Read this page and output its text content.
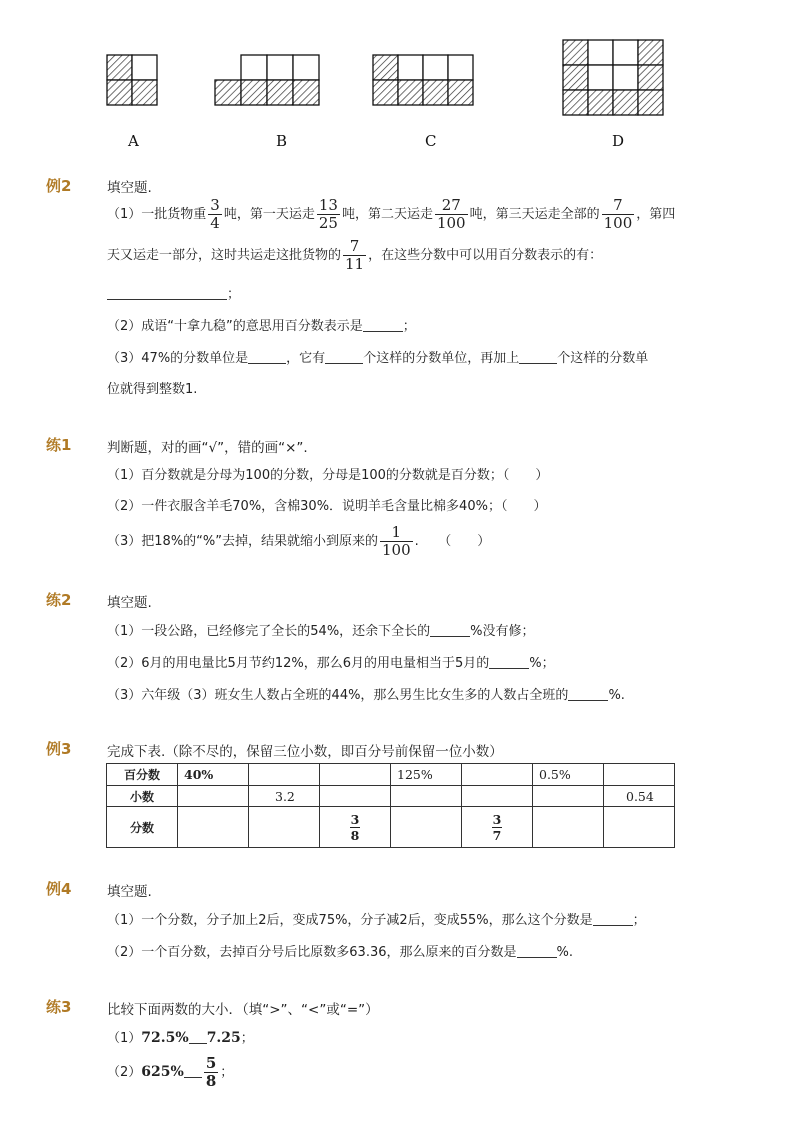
A	B	C	D
例2	填空题.
（1）一批货物重 $\frac{3}{4}$ 吨，第一天运走 $\frac{13}{25}$ 吨，第二天运走 $\frac{27}{100}$ 吨，第三天运走全部的 $\frac{7}{100}$ ，第四
天又运走一部分，这时共运走这批货物的 $\frac{7}{11}$ ，在这些分数中可以用百分数表示的有：
；
（2）成语“十拿九稳”的意思用百分数表示是	；
（3）47%的分数单位是	，它有	个这样的分数单位，再加上	个这样的分数单
位就得到整数1.
练1	判断题，对的画“√”，错的画“×”.
（1）百分数就是分母为100的分数，分母是100的分数就是百分数；（　　）
（2）一件衣服含羊毛70%，含棉30%．说明羊毛含量比棉多40%；（　　）
（3）把18%的“%”去掉，结果就缩小到原来的 $\frac{1}{100}$ .　　（　　）
练2	填空题.
（1）一段公路，已经修完了全长的54%，还余下全长的	%没有修；
（2）6月的用电量比5月节约12%，那么6月的用电量相当于5月的	%；
（3）六年级（3）班女生人数占全班的44%，那么男生比女生多的人数占全班的	%.
例3	完成下表.（除不尽的，保留三位小数，即百分号前保留一位小数）
百分数	40%			125%		0.5%	
小数		3.2					0.54
分数			$\frac{3}{8}$		$\frac{3}{7}$

例4	填空题.
（1）一个分数，分子加上2后，变成75%，分子减2后，变成55%，那么这个分数是	；
（2）一个百分数，去掉百分号后比原数多63.36，那么原来的百分数是	%.
练3	比较下面两数的大小．（填“>”、“<”或“=”）
（1）72.5% 7.25；
$(2)625\% \frac{5}{8}$ ；
